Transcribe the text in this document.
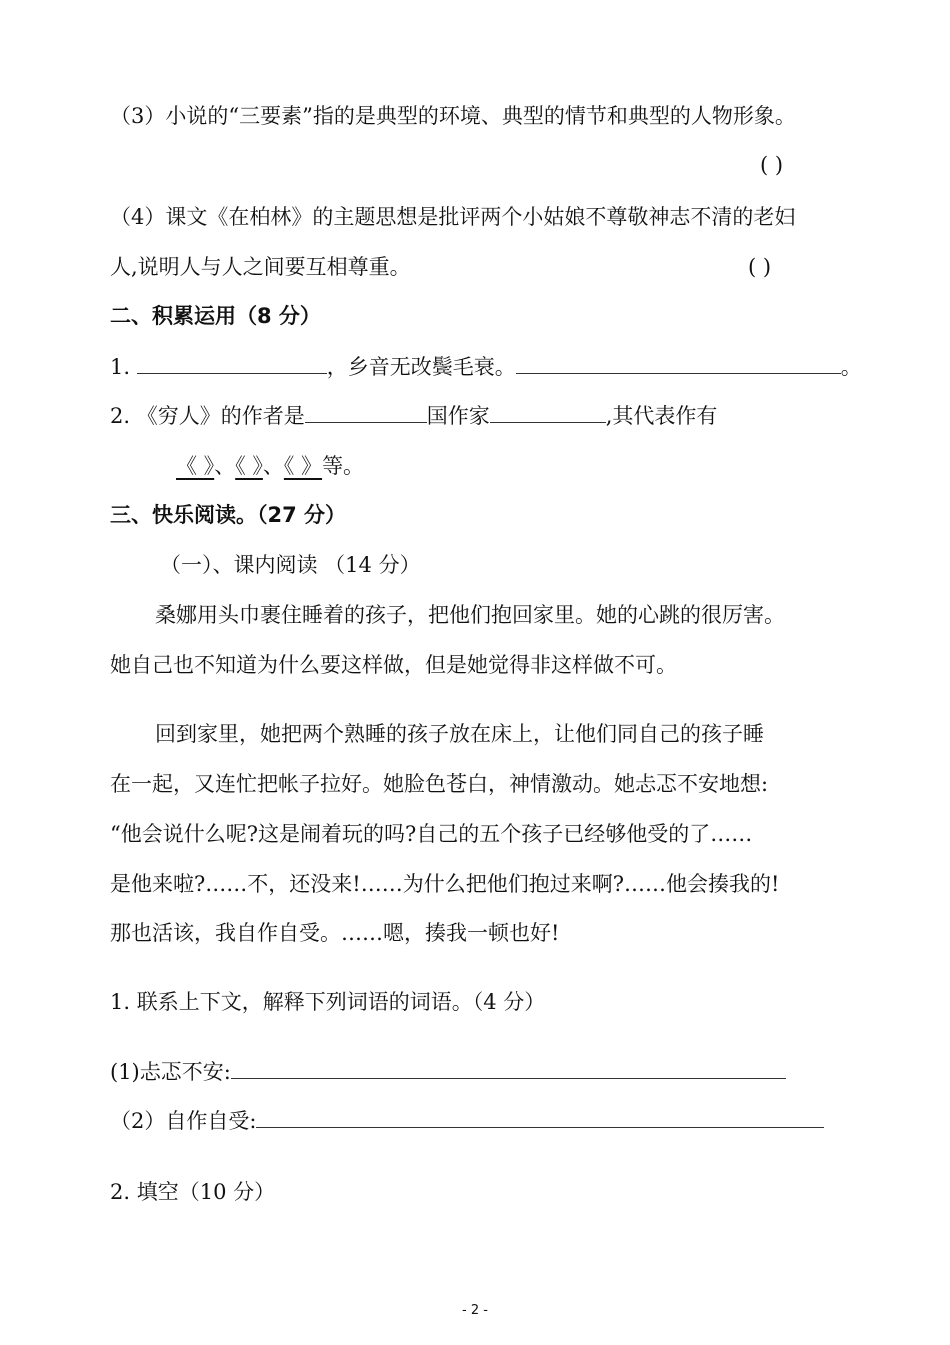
（3）小说的“三要素”指的是典型的环境、典型的情节和典型的人物形象。
( )
（4）课文《在柏林》的主题思想是批评两个小姑娘不尊敬神志不清的老妇
人,说明人与人之间要互相尊重。	( )
二、积累运用（8 分）
1.	，乡音无改鬓毛衰。	。
2. 《穷人》的作者是	国作家	,其代表作有
《 》、《 》、《 》等。
三、快乐阅读。（27 分）
（一）、课内阅读 （14 分）
桑娜用头巾裹住睡着的孩子，把他们抱回家里。她的心跳的很厉害。
她自己也不知道为什么要这样做，但是她觉得非这样做不可。
回到家里，她把两个熟睡的孩子放在床上，让他们同自己的孩子睡
在一起，又连忙把帐子拉好。她脸色苍白，神情激动。她忐忑不安地想:
“他会说什么呢?这是闹着玩的吗?自己的五个孩子已经够他受的了……
是他来啦?……不，还没来!……为什么把他们抱过来啊?……他会揍我的!
那也活该，我自作自受。……嗯，揍我一顿也好!
1. 联系上下文，解释下列词语的词语。（4 分）
(1)忐忑不安:
（2）自作自受:
2. 填空（10 分）
- 2 -
